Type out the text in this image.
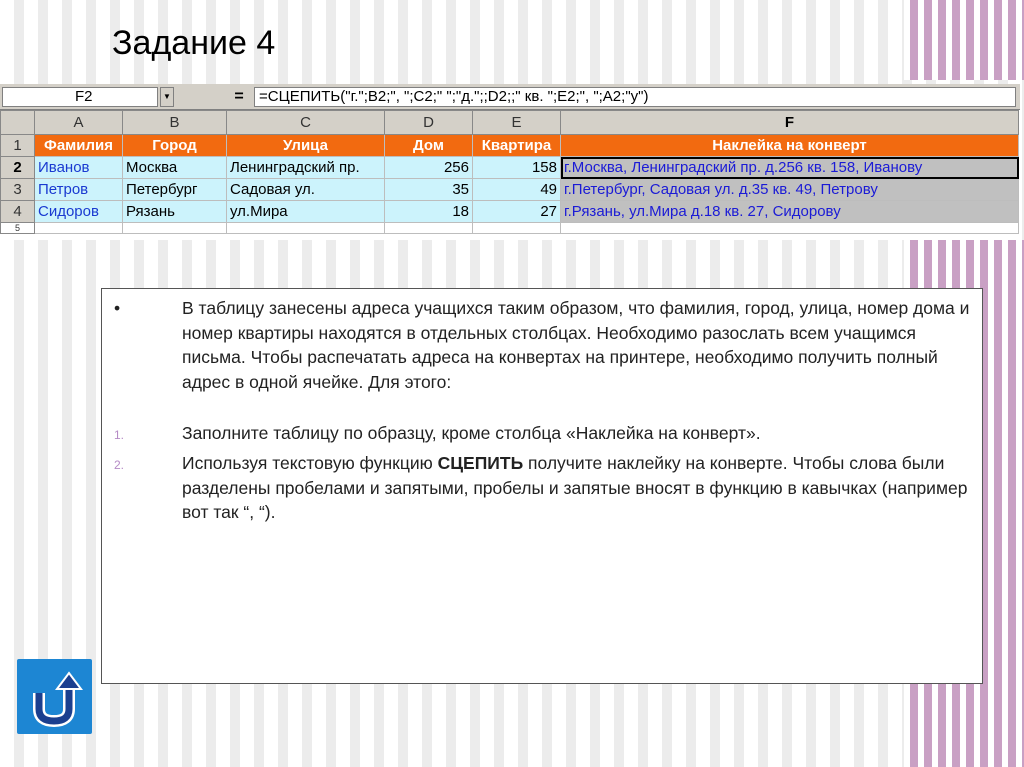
Задание 4
F2	▼	=	=СЦЕПИТЬ("г.";B2;", ";C2;" ";"д.";;D2;;" кв. ";E2;", ";A2;"у")
	A	B	C	D	E	F
1	Фамилия	Город	Улица	Дом	Квартира	Наклейка на конверт
2	Иванов	Москва	Ленинградский пр.	256	158	г.Москва, Ленинградский пр. д.256 кв. 158, Иванову
3	Петров	Петербург	Садовая ул.	35	49	г.Петербург, Садовая ул. д.35 кв. 49, Петрову
4	Сидоров	Рязань	ул.Мира	18	27	г.Рязань, ул.Мира д.18 кв. 27, Сидорову
5						
•	В таблицу занесены адреса учащихся таким образом, что фамилия, город, улица, номер дома и номер квартиры находятся в отдельных столбцах. Необходимо разослать всем учащимся письма. Чтобы распечатать адреса на конвертах на принтере, необходимо получить полный адрес в одной ячейке. Для этого:
1.	Заполните таблицу по образцу, кроме столбца «Наклейка на конверт».
2.	Используя текстовую функцию СЦЕПИТЬ получите наклейку на конверте. Чтобы слова были разделены пробелами и запятыми, пробелы и запятые вносят в функцию в кавычках (например вот так “, “).
